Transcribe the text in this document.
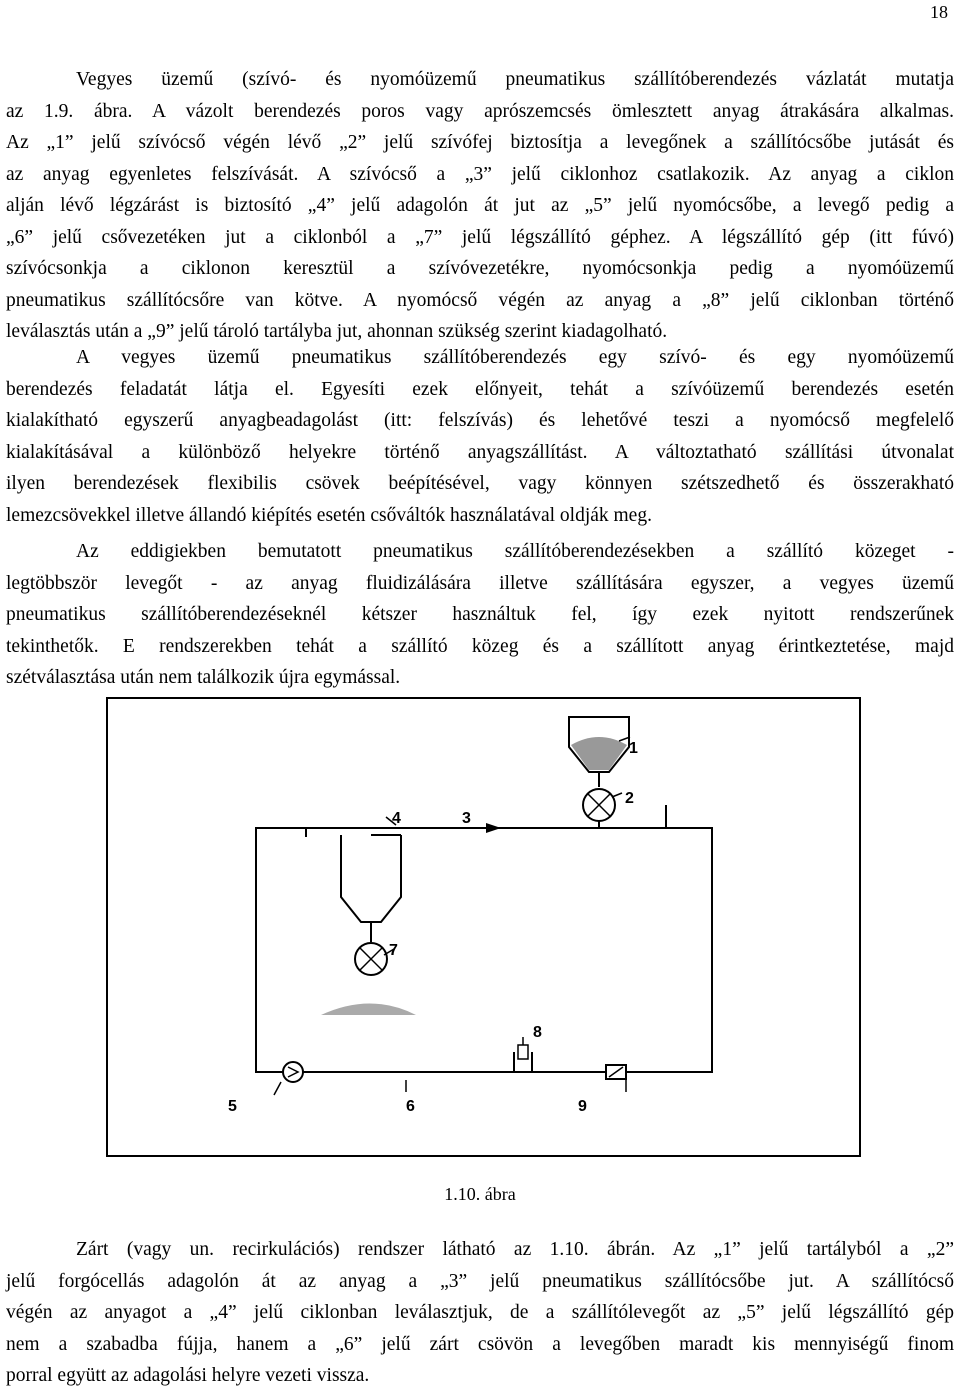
18
Vegyes üzemű (szívó- és nyomóüzemű pneumatikus szállítóberendezés vázlatát mutatja
az 1.9. ábra. A vázolt berendezés poros vagy aprószemcsés ömlesztett anyag átrakására alkalmas.
Az „1” jelű szívócső végén lévő „2” jelű szívófej biztosítja a levegőnek a szállítócsőbe jutását és
az anyag egyenletes felszívását. A szívócső a „3” jelű ciklonhoz csatlakozik. Az anyag a ciklon
alján lévő légzárást is biztosító „4” jelű adagolón át jut az „5” jelű nyomócsőbe, a levegő pedig a
„6” jelű csővezetéken jut a ciklonból a „7” jelű légszállító géphez. A légszállító gép (itt fúvó)
szívócsonkja a ciklonon keresztül a szívóvezetékre, nyomócsonkja pedig a nyomóüzemű
pneumatikus szállítócsőre van kötve. A nyomócső végén az anyag a „8” jelű ciklonban történő
leválasztás után a „9” jelű tároló tartályba jut, ahonnan szükség szerint kiadagolható.
A vegyes üzemű pneumatikus szállítóberendezés egy szívó- és egy nyomóüzemű
berendezés feladatát látja el. Egyesíti ezek előnyeit, tehát a szívóüzemű berendezés esetén
kialakítható egyszerű anyagbeadagolást (itt: felszívás) és lehetővé teszi a nyomócső megfelelő
kialakításával a különböző helyekre történő anyagszállítást. A változtatható szállítási útvonalat
ilyen berendezések flexibilis csövek beépítésével, vagy könnyen szétszedhető és összerakható
lemezcsövekkel illetve állandó kiépítés esetén csőváltók használatával oldják meg.
Az eddigiekben bemutatott pneumatikus szállítóberendezésekben a szállító közeget -
legtöbbször levegőt - az anyag fluidizálására illetve szállítására egyszer, a vegyes üzemű
pneumatikus szállítóberendezéseknél kétszer használtuk fel, így ezek nyitott rendszerűnek
tekinthetők. E rendszerekben tehát a szállító közeg és a szállított anyag érintkeztetése, majd
szétválasztása után nem találkozik újra egymással.
1
2
3
4
5	6
7
8
9
1.10. ábra
Zárt (vagy un. recirkulációs) rendszer látható az 1.10. ábrán. Az „1” jelű tartályból a „2”
jelű forgócellás adagolón át az anyag a „3” jelű pneumatikus szállítócsőbe jut. A szállítócső
végén az anyagot a „4” jelű ciklonban leválasztjuk, de a szállítólevegőt az „5” jelű légszállító gép
nem a szabadba fújja, hanem a „6” jelű zárt csövön a levegőben maradt kis mennyiségű finom
porral együtt az adagolási helyre vezeti vissza.
